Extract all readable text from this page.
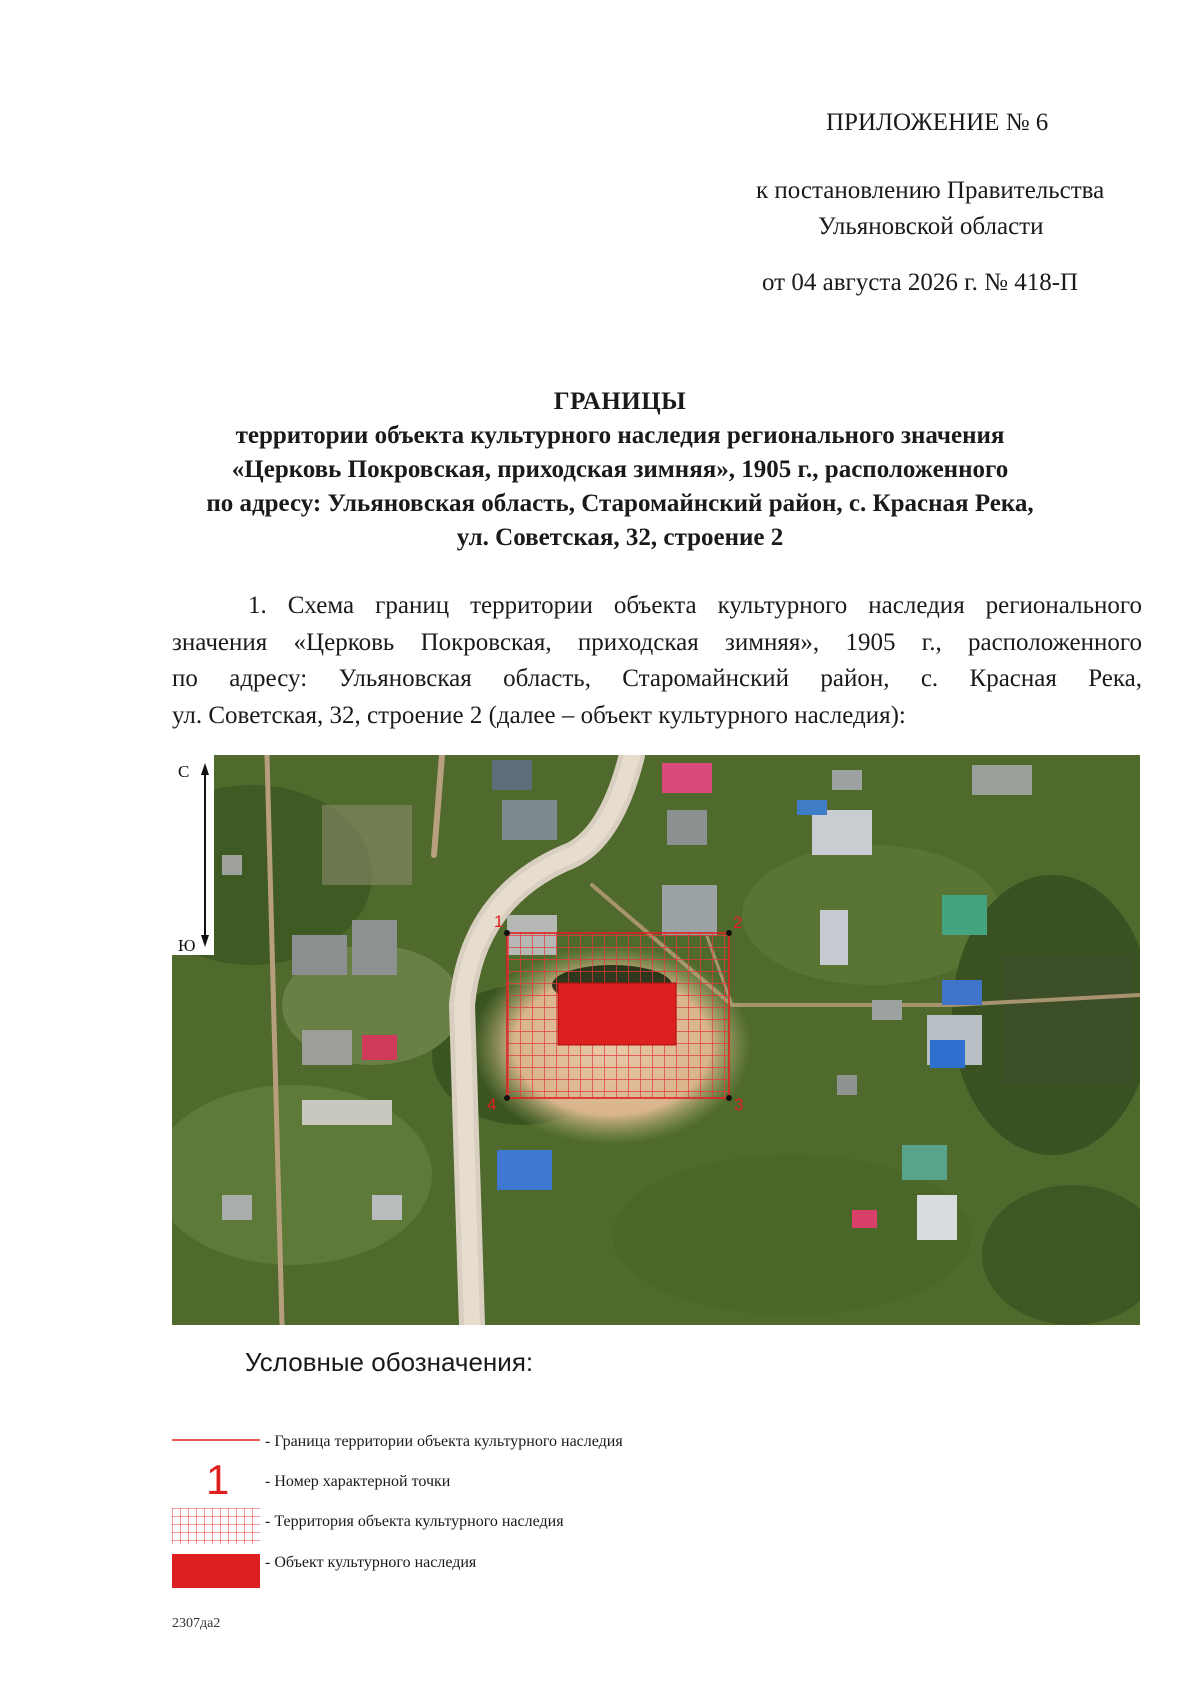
ПРИЛОЖЕНИЕ № 6
к постановлению Правительства
Ульяновской области
от 04 августа 2026 г. № 418-П
ГРАНИЦЫ
территории объекта культурного наследия регионального значения
«Церковь Покровская, приходская зимняя», 1905 г., расположенного
по адресу: Ульяновская область, Старомайнский район, с. Красная Река,
ул. Советская, 32, строение 2
1. Схема границ территории объекта культурного наследия регионального
значения «Церковь Покровская, приходская зимняя», 1905 г., расположенного
по адресу: Ульяновская область, Старомайнский район, с. Красная Река,
ул. Советская, 32, строение 2 (далее – объект культурного наследия):
1	2
3
4
С
Ю
Условные обозначения:
1
- Граница территории объекта культурного наследия
- Номер характерной точки
- Территория объекта культурного наследия
- Объект культурного наследия
2307да2
